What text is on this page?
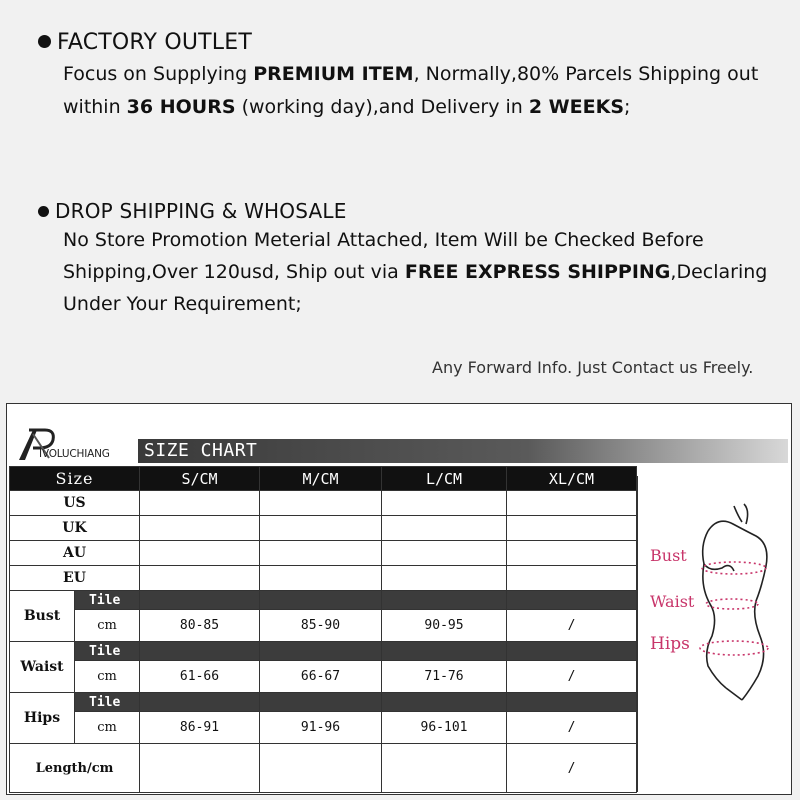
FACTORY OUTLET
Focus on Supplying PREMIUM ITEM, Normally,80% Parcels Shipping out
within 36 HOURS (working day),and Delivery in 2 WEEKS;
DROP SHIPPING & WHOSALE
No Store Promotion Meterial Attached, Item Will be Checked Before
Shipping,Over 120usd, Ship out via FREE EXPRESS SHIPPING,Declaring
Under Your Requirement;
Any Forward Info. Just Contact us Freely.
IVOLUCHIANG SIZE CHART
Size		S/CM	M/CM	L/CM	XL/CM
US					
UK					
AU					
EU					
Bust	Tile				
	cm	80-85	85-90	90-95	/
Waist	Tile				
	cm	61-66	66-67	71-76	/
Hips	Tile				
	cm	86-91	91-96	96-101	/
Length/cm					/
Bust
Waist
Hips
